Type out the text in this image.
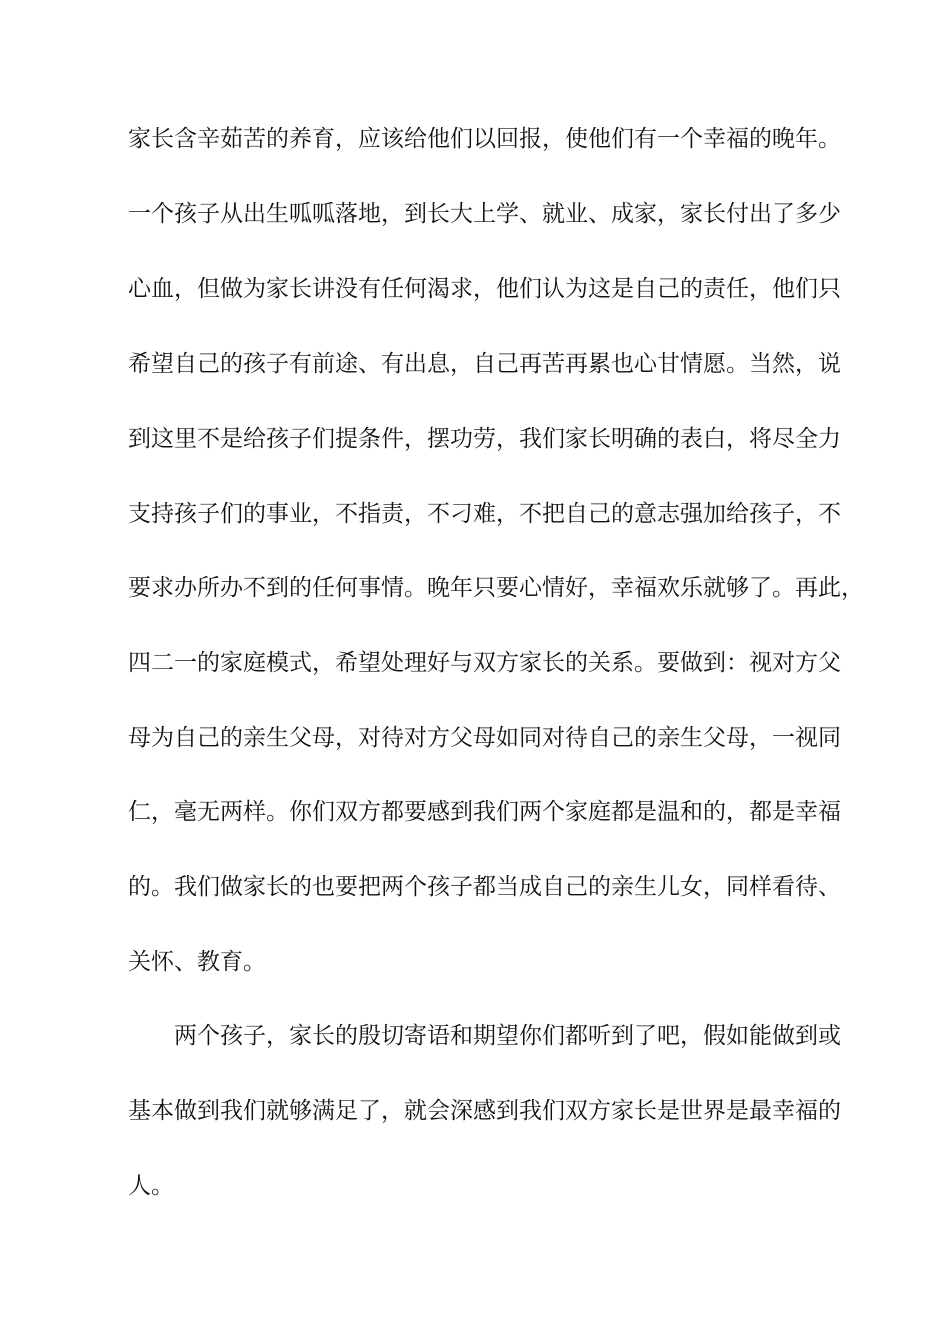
家长含辛茹苦的养育，应该给他们以回报，使他们有一个幸福的晚年。
一个孩子从出生呱呱落地，到长大上学、就业、成家，家长付出了多少
心血，但做为家长讲没有任何渴求，他们认为这是自己的责任，他们只
希望自己的孩子有前途、有出息，自己再苦再累也心甘情愿。当然，说
到这里不是给孩子们提条件，摆功劳，我们家长明确的表白，将尽全力
支持孩子们的事业，不指责，不刁难，不把自己的意志强加给孩子，不
要求办所办不到的任何事情。晚年只要心情好，幸福欢乐就够了。再此，
四二一的家庭模式，希望处理好与双方家长的关系。要做到：视对方父
母为自己的亲生父母，对待对方父母如同对待自己的亲生父母，一视同
仁，毫无两样。你们双方都要感到我们两个家庭都是温和的，都是幸福
的。我们做家长的也要把两个孩子都当成自己的亲生儿女，同样看待、
关怀、教育。
两个孩子，家长的殷切寄语和期望你们都听到了吧，假如能做到或
基本做到我们就够满足了，就会深感到我们双方家长是世界是最幸福的
人。
